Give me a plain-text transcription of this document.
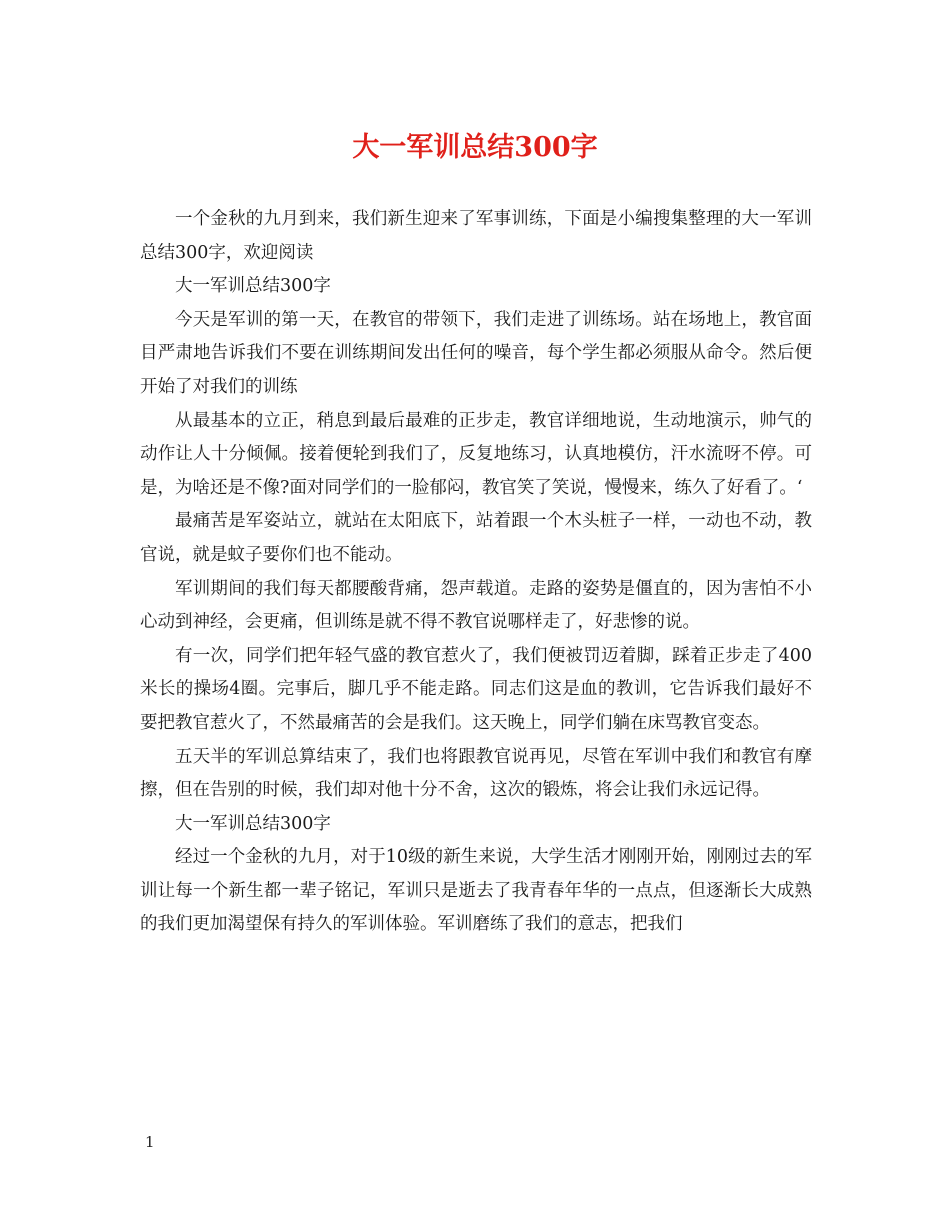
大一军训总结300字

一个金秋的九月到来，我们新生迎来了军事训练，下面是小编搜集整理的大一军训总结300字，欢迎阅读

大一军训总结300字

今天是军训的第一天，在教官的带领下，我们走进了训练场。站在场地上，教官面目严肃地告诉我们不要在训练期间发出任何的噪音，每个学生都必须服从命令。然后便开始了对我们的训练

从最基本的立正，稍息到最后最难的正步走，教官详细地说，生动地演示，帅气的动作让人十分倾佩。接着便轮到我们了，反复地练习，认真地模仿，汗水流呀不停。可是，为啥还是不像?面对同学们的一脸郁闷，教官笑了笑说，慢慢来，练久了好看了。‘

最痛苦是军姿站立，就站在太阳底下，站着跟一个木头桩子一样，一动也不动，教官说，就是蚊子要你们也不能动。

军训期间的我们每天都腰酸背痛，怨声载道。走路的姿势是僵直的，因为害怕不小心动到神经，会更痛，但训练是就不得不教官说哪样走了，好悲惨的说。

有一次，同学们把年轻气盛的教官惹火了，我们便被罚迈着脚，踩着正步走了400米长的操场4圈。完事后，脚几乎不能走路。同志们这是血的教训，它告诉我们最好不要把教官惹火了，不然最痛苦的会是我们。这天晚上，同学们躺在床骂教官变态。

五天半的军训总算结束了，我们也将跟教官说再见，尽管在军训中我们和教官有摩擦，但在告别的时候，我们却对他十分不舍，这次的锻炼，将会让我们永远记得。

大一军训总结300字

经过一个金秋的九月，对于10级的新生来说，大学生活才刚刚开始，刚刚过去的军训让每一个新生都一辈子铭记，军训只是逝去了我青春年华的一点点，但逐渐长大成熟的我们更加渴望保有持久的军训体验。军训磨练了我们的意志，把我们

1
